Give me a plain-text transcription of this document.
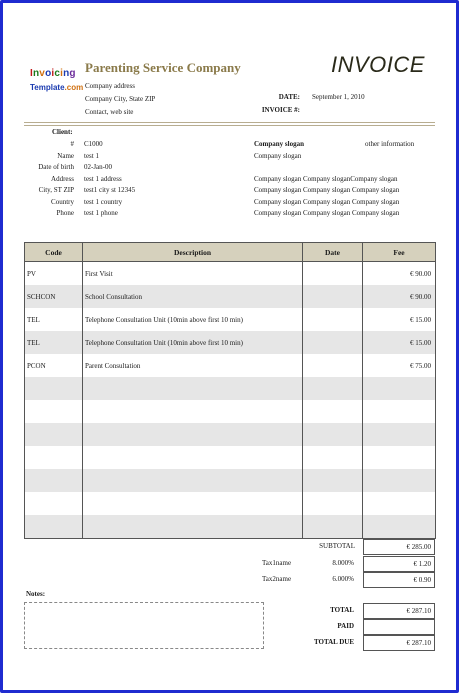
Invoicing
Template.com
Parenting Service Company
Company address
Company City, State ZIP
Contact, web site
INVOICE
DATE: September 1, 2010
INVOICE #:
Client:
# C1000
Name test 1
Date of birth 02-Jan-00
Address test 1 address
City, ST ZIP test1 city st 12345
Country test 1 country
Phone test 1 phone
Company slogan	other information
Company slogan
Company slogan Company sloganCompany slogan
Company slogan Company slogan Company slogan
Company slogan Company slogan Company slogan
Company slogan Company slogan Company slogan
Code	Description	Date	Fee
PV	First Visit		€ 90.00
SCHCON	School Consultation		€ 90.00
TEL	Telephone Consultation Unit (10min above first 10 min)		€ 15.00
TEL	Telephone Consultation Unit (10min above first 10 min)		€ 15.00
PCON	Parent Consultation		€ 75.00

SUBTOTAL	€ 285.00
Tax1name	8.000%	€ 1.20
Tax2name	6.000%	€ 0.90
Notes:
TOTAL	€ 287.10
PAID
TOTAL DUE	€ 287.10
